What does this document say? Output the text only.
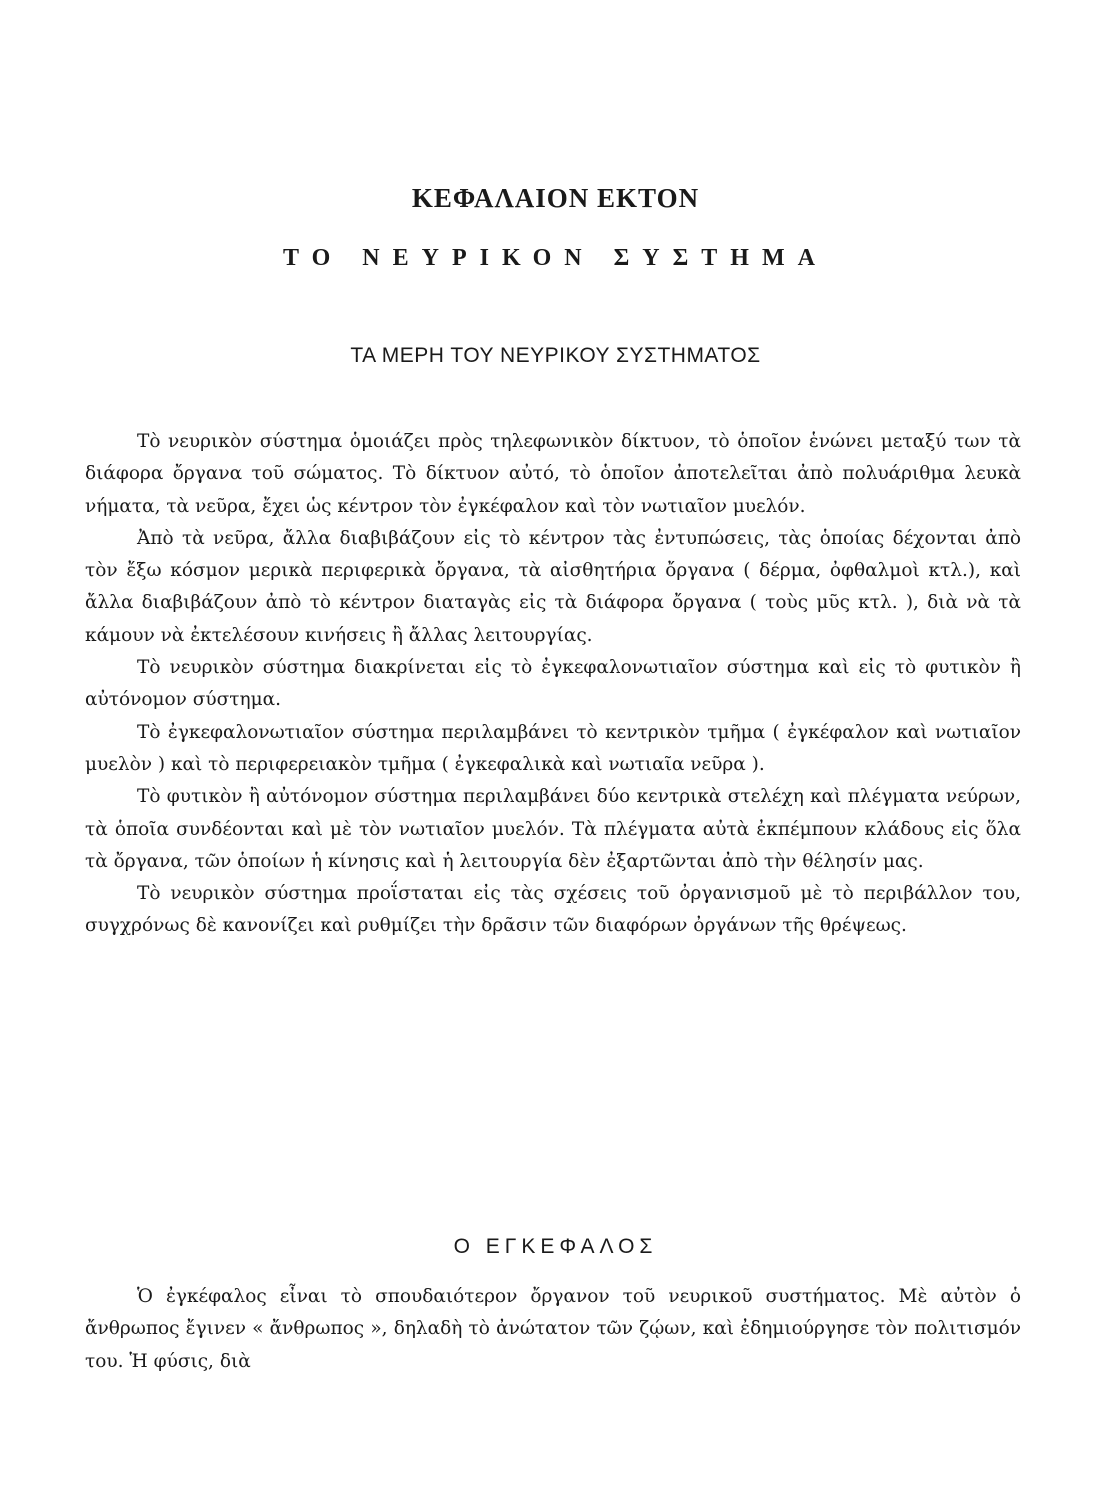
ΚΕΦΑΛΑΙΟΝ ΕΚΤΟΝ
ΤΟ ΝΕΥΡΙΚΟΝ ΣΥΣΤΗΜΑ
ΤΑ ΜΕΡΗ ΤΟΥ ΝΕΥΡΙΚΟΥ ΣΥΣΤΗΜΑΤΟΣ

Τὸ νευρικὸν σύστημα ὁμοιάζει πρὸς τηλεφωνικὸν δίκτυον, τὸ ὁποῖον ἑνώνει μεταξύ των τὰ διάφορα ὄργανα τοῦ σώματος. Τὸ δίκτυον αὐτό, τὸ ὁποῖον ἀποτελεῖται ἀπὸ πολυάριθμα λευκὰ νήματα, τὰ νεῦρα, ἔχει ὡς κέντρον τὸν ἐγκέφαλον καὶ τὸν νωτιαῖον μυελόν.

Ἀπὸ τὰ νεῦρα, ἄλλα διαβιβάζουν εἰς τὸ κέντρον τὰς ἐντυπώσεις, τὰς ὁποίας δέχονται ἀπὸ τὸν ἔξω κόσμον μερικὰ περιφερικὰ ὄργανα, τὰ αἰσθητήρια ὄργανα ( δέρμα, ὀφθαλμοὶ κτλ.), καὶ ἄλλα διαβιβάζουν ἀπὸ τὸ κέντρον διαταγὰς εἰς τὰ διάφορα ὄργανα ( τοὺς μῦς κτλ. ), διὰ νὰ τὰ κάμουν νὰ ἐκτελέσουν κινήσεις ἢ ἄλλας λειτουργίας.

Τὸ νευρικὸν σύστημα διακρίνεται εἰς τὸ ἐγκεφαλονωτιαῖον σύστημα καὶ εἰς τὸ φυτικὸν ἢ αὐτόνομον σύστημα.

Τὸ ἐγκεφαλονωτιαῖον σύστημα περιλαμβάνει τὸ κεντρικὸν τμῆμα ( ἐγκέφαλον καὶ νωτιαῖον μυελὸν ) καὶ τὸ περιφερειακὸν τμῆμα ( ἐγκεφαλικὰ καὶ νωτιαῖα νεῦρα ).

Τὸ φυτικὸν ἢ αὐτόνομον σύστημα περιλαμβάνει δύο κεντρικὰ στελέχη καὶ πλέγματα νεύρων, τὰ ὁποῖα συνδέονται καὶ μὲ τὸν νωτιαῖον μυελόν. Τὰ πλέγματα αὐτὰ ἐκπέμπουν κλάδους εἰς ὅλα τὰ ὄργανα, τῶν ὁποίων ἡ κίνησις καὶ ἡ λειτουργία δὲν ἐξαρτῶνται ἀπὸ τὴν θέλησίν μας.

Τὸ νευρικὸν σύστημα προΐσταται εἰς τὰς σχέσεις τοῦ ὀργανισμοῦ μὲ τὸ περιβάλλον του, συγχρόνως δὲ κανονίζει καὶ ρυθμίζει τὴν δρᾶσιν τῶν διαφόρων ὀργάνων τῆς θρέψεως.

Ο ΕΓΚΕΦΑΛΟΣ

Ὁ ἐγκέφαλος εἶναι τὸ σπουδαιότερον ὄργανον τοῦ νευρικοῦ συστήματος. Μὲ αὐτὸν ὁ ἄνθρωπος ἔγινεν « ἄνθρωπος », δηλαδὴ τὸ ἀνώτατον τῶν ζῴων, καὶ ἐδημιούργησε τὸν πολιτισμόν του. Ἡ φύσις, διὰ
